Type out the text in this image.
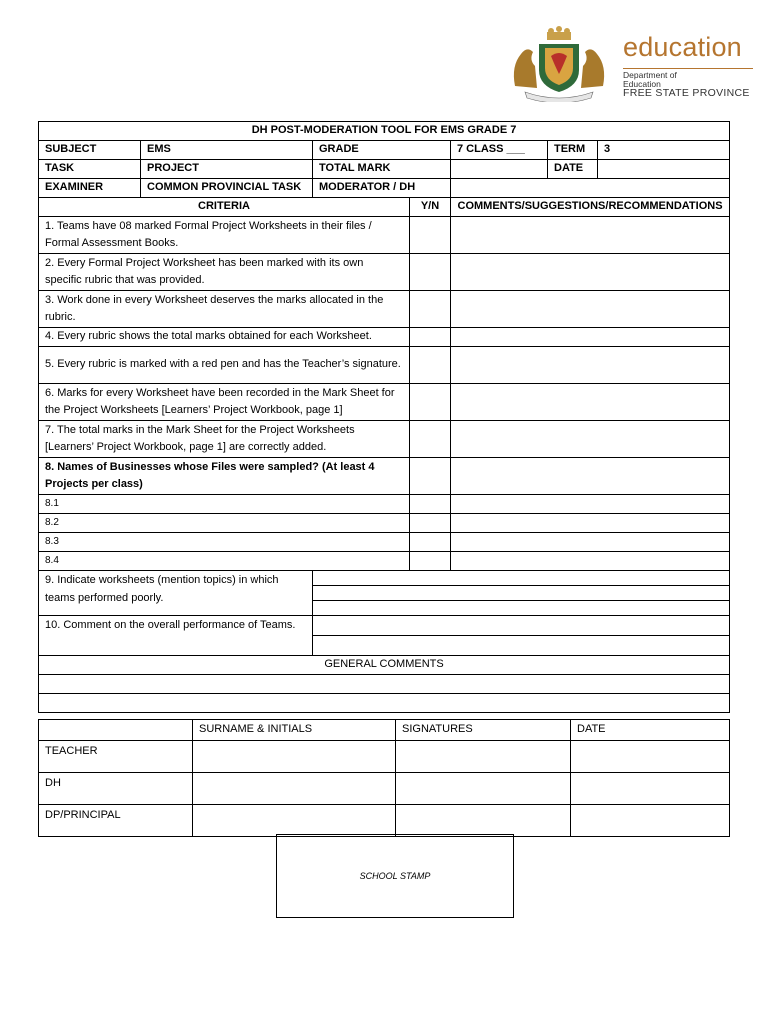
education
Department of
Education
FREE STATE PROVINCE
DH POST-MODERATION TOOL FOR EMS GRADE 7						
SUBJECT	EMS	GRADE		7 CLASS ___	TERM	3
TASK	PROJECT	TOTAL MARK			DATE	
EXAMINER	COMMON PROVINCIAL TASK	MODERATOR / DH				
CRITERIA			Y/N	COMMENTS/SUGGESTIONS/RECOMMENDATIONS		
1. Teams have 08 marked Formal Project Worksheets in their files / Formal Assessment Books.						
2. Every Formal Project Worksheet has been marked with its own specific rubric that was provided.						
3. Work done in every Worksheet deserves the marks allocated in the rubric.						
4. Every rubric shows the total marks obtained for each Worksheet.						
5. Every rubric is marked with a red pen and has the Teacher’s signature.						
6. Marks for every Worksheet have been recorded in the Mark Sheet for the Project Worksheets [Learners’ Project Workbook, page 1]						
7. The total marks in the Mark Sheet for the Project Worksheets [Learners’ Project Workbook, page 1] are correctly added.						
8. Names of Businesses whose Files were sampled? (At least 4 Projects per class)						
8.1						
8.2						
8.3						
8.4						
9. Indicate worksheets (mention topics) in which teams performed poorly.						

10. Comment on the overall performance of Teams.						

GENERAL COMMENTS						

	SURNAME & INITIALS	SIGNATURES	DATE
TEACHER			
DH			
DP/PRINCIPAL			
SCHOOL STAMP
